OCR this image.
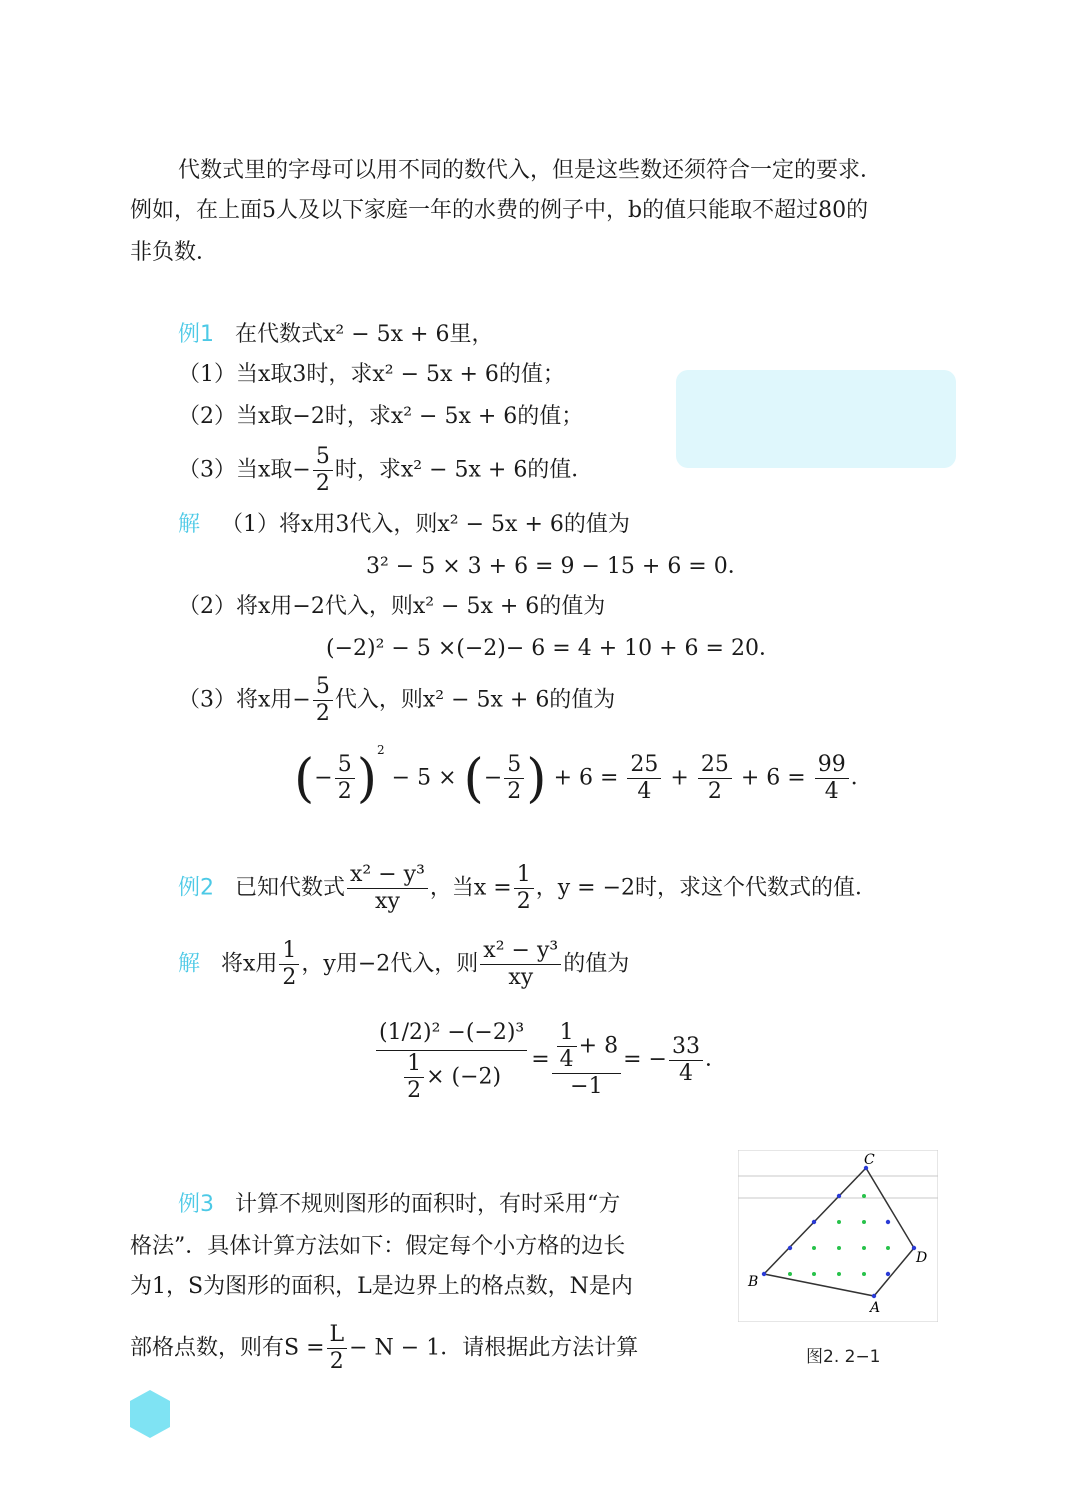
代数式里的字母可以用不同的数代入，但是这些数还须符合一定的要求．
例如，在上面5人及以下家庭一年的水费的例子中，b的值只能取不超过80的
非负数．
例1 在代数式x² − 5x + 6里，
（1）当x取3时，求x² − 5x + 6的值；
（2）当x取−2时，求x² − 5x + 6的值；
（3）当x取− $\frac{5}{2}$ 时，求x² − 5x + 6的值．
解 （1）将x用3代入，则x² − 5x + 6的值为
3² − 5 × 3 + 6 = 9 − 15 + 6 = 0．
（2）将x用−2代入，则x² − 5x + 6的值为
(−2)² − 5 ×(−2)− 6 = 4 + 10 + 6 = 20．
（3）将x用− $\frac{5}{2}$ 代入，则x² − 5x + 6的值为
(− $\frac{5}{2} )^2 - 5$ × (− $\frac{5}{2}$ ) + $6 = \frac{25}{4} + \frac{25}{2} + 6 = \frac{99}{4}$ ．
例2 已知代数式 $\frac{\text{x² − y³}}{xy}$ ，当$x = \frac{1}{2}$ ，y = −2时，求这个代数式的值．
解 将x用 $\frac{1}{2}$ ，y用−2代入，则 $\frac{\text{x² − y³}}{xy}$ 的值为
$\frac{\text{(1/2)² −(−2)³}}{\frac{1}{2} \times (-2)} = \frac{\frac{1}{4} + 8}{-1}$ = − $\frac{33}{4}$ ．
例3 计算不规则图形的面积时，有时采用“方
格法”．具体计算方法如下：假定每个小方格的边长
为1，S为图形的面积，L是边界上的格点数，N是内
部格点数，则有$S = \frac{L}{2} - N - 1$．请根据此方法计算
C
D
A
B
图2. 2−1
